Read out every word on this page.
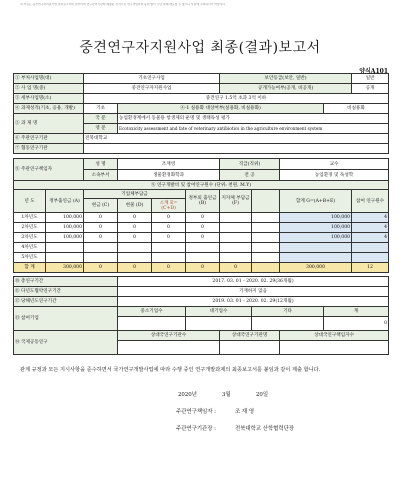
위 자료는 중견연구자지원사업 결과보고서의 일부이며 연구관리기관에 제출된 서식으로 연구책임자의 동의 없이 무단 복제·배포할 수 없으니 사용에 주의하시기 바랍니다.
중견연구자지원사업 최종(결과)보고서
양식A101
① 부처사업명(대)		기초연구사업				보안등급(보안, 일반)				일반
② 사 업 명(중)		중견연구자지원사업				공개가능여부(공개, 비공개)				공개
③ 세부사업명(소)		중견연구 1.5억 초과 3억 이하								
④ 과제성격(기초, 응용, 개발)		기초	④-1 실용화 대상여부(실용화, 비실용화)						비실용화	
⑤ 과 제 명		국 문	농업환경계에서 동물용 항생제의 운명 및 생태독성 평가							
		영 문	Ecotoxicity assessment and fate of veterinary antibiotics in the agriculture environment system							
⑥ 주관연구기관		전북대학교								
⑦ 협동연구기관										

⑧ 주관연구책임자		성 명	조재영			직급(직위)		교수		
		소속부서	생물환경화학과			전 공		농업환경 및 독성학		
⑨ 연구개발비 및 참여연구원수 (단위: 천원, M.Y)										
년 도	정부출연금 (A)	기업체부담금			정부외 출연금 (B)	지자체 부담금 (F)		합계 G=(A+B+E)		참여 연구원수
		현금 (C)	현물 (D)	소계 E=(C+D)						
1차년도	100,000	0	0	0	0			100,000		4
2차년도	100,000	0	0	0	0			100,000		4
3차년도	100,000	0	0	0	0			100,000		4
4차년도										
5차년도										
합 계	300,000	0	0	0	0	0		300,000		12

⑩ 총연구기간			2017. 03. 01 - 2020. 02. 29(36개월)							
⑪ 다년도협약연구기간			기재하지 않음							
⑫ 당해년도연구기간			2019. 03. 01 - 2020. 02. 29(12개월)							
⑬ 참여기업			중소기업수		대기업수		기타		계	
									0	
⑭ 국제공동연구			상대국연구기관수			상대국연구기관명		상대국연구책임자수		

관계 규정과 모든 지시사항을 준수하면서 국가연구개발사업에 따라 수행 중인 연구개발과제의 최종보고서를 붙임과 같이 제출 합니다.
2020년	3월	20일
주관연구책임자 :	조 재 영
주관연구기관장 :	전북대학교 산학협력단장
